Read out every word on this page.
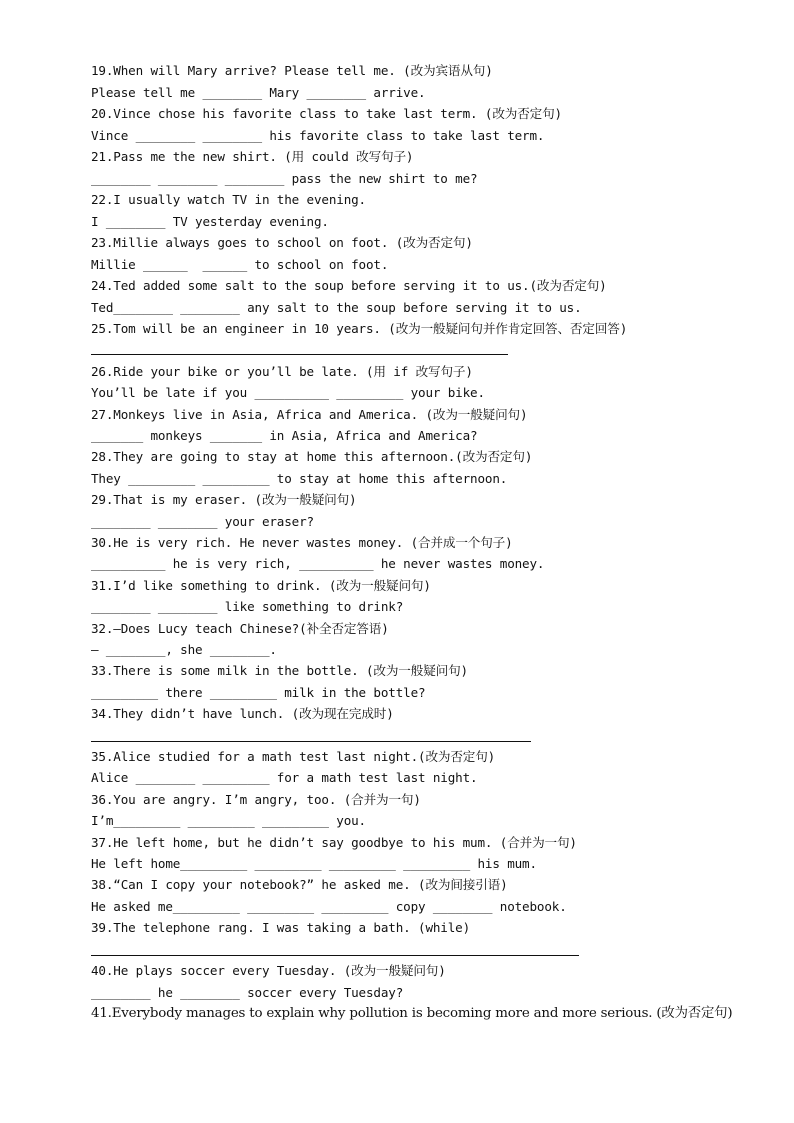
19.When will Mary arrive? Please tell me. (改为宾语从句)
Please tell me ________ Mary ________ arrive.
20.Vince chose his favorite class to take last term. (改为否定句)
Vince ________ ________ his favorite class to take last term.
21.Pass me the new shirt. (用 could 改写句子)
________ ________ ________ pass the new shirt to me?
22.I usually watch TV in the evening.
I ________ TV yesterday evening.
23.Millie always goes to school on foot. (改为否定句)
Millie ______  ______ to school on foot.
24.Ted added some salt to the soup before serving it to us.(改为否定句)
Ted________ ________ any salt to the soup before serving it to us.
25.Tom will be an engineer in 10 years. (改为一般疑问句并作肯定回答、否定回答)
26.Ride your bike or you’ll be late. (用 if 改写句子)
You’ll be late if you __________ _________ your bike.
27.Monkeys live in Asia, Africa and America. (改为一般疑问句)
_______ monkeys _______ in Asia, Africa and America?
28.They are going to stay at home this afternoon.(改为否定句)
They _________ _________ to stay at home this afternoon.
29.That is my eraser. (改为一般疑问句)
________ ________ your eraser?
30.He is very rich. He never wastes money. (合并成一个句子)
__________ he is very rich, __________ he never wastes money.
31.I’d like something to drink. (改为一般疑问句)
________ ________ like something to drink?
32.—Does Lucy teach Chinese?(补全否定答语)
— ________, she ________.
33.There is some milk in the bottle. (改为一般疑问句)
_________ there _________ milk in the bottle?
34.They didn’t have lunch. (改为现在完成时)
35.Alice studied for a math test last night.(改为否定句)
Alice ________ _________ for a math test last night.
36.You are angry. I’m angry, too. (合并为一句)
I’m_________ _________ _________ you.
37.He left home, but he didn’t say goodbye to his mum. (合并为一句)
He left home_________ _________ _________ _________ his mum.
38.“Can I copy your notebook?” he asked me. (改为间接引语)
He asked me_________ _________ _________ copy ________ notebook.
39.The telephone rang. I was taking a bath. (while)
40.He plays soccer every Tuesday. (改为一般疑问句)
________ he ________ soccer every Tuesday?
41.Everybody manages to explain why pollution is becoming more and more serious. (改为否定句)
